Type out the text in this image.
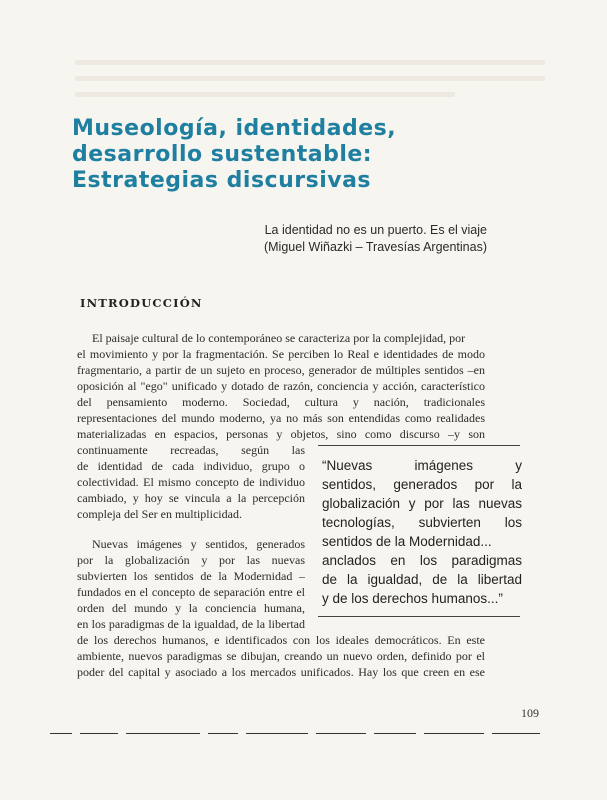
Museología, identidades,
desarrollo sustentable:
Estrategias discursivas
La identidad no es un puerto. Es el viaje
(Miguel Wiñazki – Travesías Argentinas)
INTRODUCCIÓN
El paisaje cultural de lo contemporáneo se caracteriza por la complejidad, por
el movimiento y por la fragmentación. Se perciben lo Real e identidades de modo
fragmentario, a partir de un sujeto en proceso, generador de múltiples sentidos –en
oposición al "ego" unificado y dotado de razón, conciencia y acción, característico
del pensamiento moderno. Sociedad, cultura y nación, tradicionales
representaciones del mundo moderno, ya no más son entendidas como realidades
materializadas en espacios, personas y objetos, sino como discurso –y son
continuamente recreadas, según las
de identidad de cada individuo, grupo o
colectividad. El mismo concepto de individuo
cambiado, y hoy se vincula a la percepción
compleja del Ser en multiplicidad.
Nuevas imágenes y sentidos, generados
por la globalización y por las nuevas
subvierten los sentidos de la Modernidad –
fundados en el concepto de separación entre el
orden del mundo y la conciencia humana,
en los paradigmas de la igualdad, de la libertad
de los derechos humanos, e identificados con los ideales democráticos. En este
ambiente, nuevos paradigmas se dibujan, creando un nuevo orden, definido por el
poder del capital y asociado a los mercados unificados. Hay los que creen en ese
“Nuevas imágenes y
sentidos, generados por la
globalización y por las nuevas
tecnologías, subvierten los
sentidos de la Modernidad...
anclados en los paradigmas
de la igualdad, de la libertad
y de los derechos humanos...”
109
